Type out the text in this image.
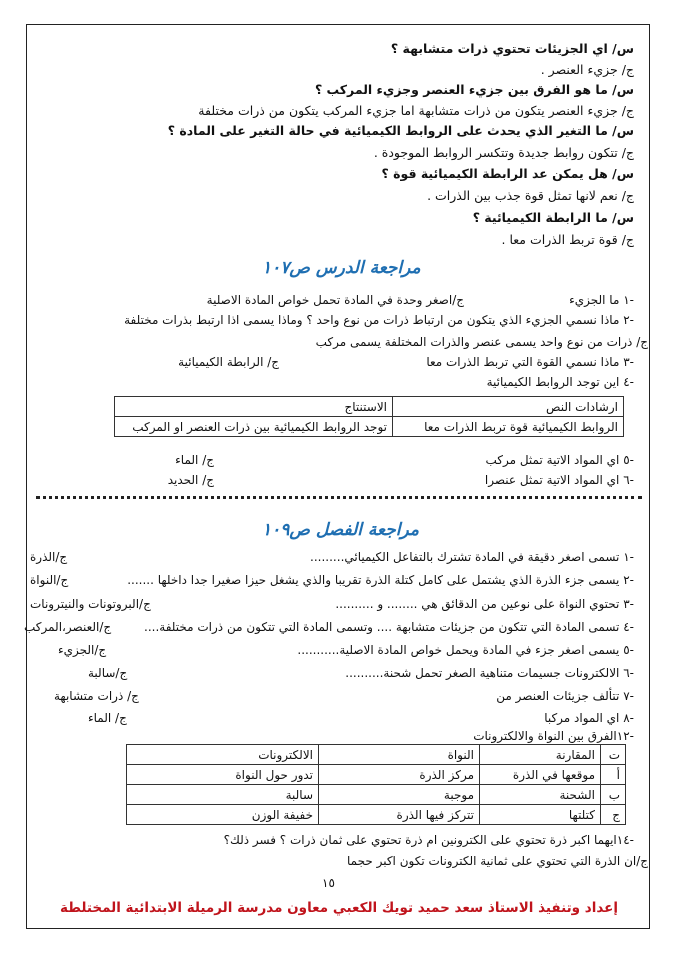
س/ اي الجزيئات تحتوي ذرات متشابهة ؟
ج/ جزيء العنصر .
س/ ما هو الفرق بين جزيء العنصر وجزيء المركب ؟
ج/ جزيء العنصر يتكون من ذرات متشابهة اما جزيء المركب يتكون من ذرات مختلفة
س/ ما التغير الذي يحدث على الروابط الكيميائية في حالة التغير على المادة ؟
ج/ تتكون روابط جديدة وتتكسر الروابط الموجودة .
س/ هل يمكن عد الرابطة الكيميائية قوة ؟
ج/ نعم لانها تمثل قوة جذب بين الذرات .
س/ ما الرابطة الكيميائية ؟
ج/ قوة تربط الذرات معا .
مراجعة الدرس ص١٠٧
-١ ما الجزيء
ج/اصغر وحدة في المادة تحمل خواص المادة الاصلية
-٢ ماذا نسمي الجزيء الذي يتكون من ارتباط ذرات من نوع واحد ؟ وماذا يسمى اذا ارتبط بذرات مختلفة
ج/ ذرات من نوع واحد يسمى عنصر والذرات المختلفة يسمى مركب
-٣ ماذا نسمي القوة التي تربط الذرات معا
ج/ الرابطة الكيميائية
-٤ اين توجد الروابط الكيميائية
ارشادات النص	الاستنتاج
الروابط الكيميائية قوة تربط الذرات معا	توجد الروابط الكيميائية بين ذرات العنصر او المركب
-٥ اي المواد الاتية تمثل مركب
ج/ الماء
-٦ اي المواد الاتية تمثل عنصرا
ج/ الحديد
مراجعة الفصل ص١٠٩
-١ تسمى اصغر دقيقة في المادة تشترك بالتفاعل الكيميائي.........
ج/الذرة
-٢ يسمى جزء الذرة الذي يشتمل على كامل كتلة الذرة تقريبا والذي يشغل حيزا صغيرا جدا داخلها .......
ج/النواة
-٣ تحتوي النواة على نوعين من الدقائق هي ........ و ..........
ج/البروتونات والنيترونات
-٤ تسمى المادة التي تتكون من جزيئات متشابهة .... وتسمى المادة التي تتكون من ذرات مختلفة....
ج/العنصر،المركب
-٥ يسمى اصغر جزء في المادة ويحمل خواص المادة الاصلية...........
ج/الجزيء
-٦ الالكترونات جسيمات متناهية الصغر تحمل شحنة..........
ج/سالبة
-٧ تتألف جزيئات العنصر من
ج/ ذرات متشابهة
-٨ اي المواد مركبا
ج/ الماء
-١٢الفرق بين النواة والالكترونات
ت	المقارنة	النواة	الالكترونات
أ	موقعها في الذرة	مركز الذرة	تدور حول النواة
ب	الشحنة	موجبة	سالبة
ج	كتلتها	تتركز فيها الذرة	خفيفة الوزن
-١٤ايهما اكبر ذرة تحتوي على الكترونين ام ذرة تحتوي على ثمان ذرات ؟ فسر ذلك؟
ج/ان الذرة التي تحتوي على ثمانية الكترونات تكون اكبر حجما
١٥
إعداد وتنفيذ الاستاذ سعد حميد تويك الكعبي معاون مدرسة الرميلة الابتدائية المختلطة
